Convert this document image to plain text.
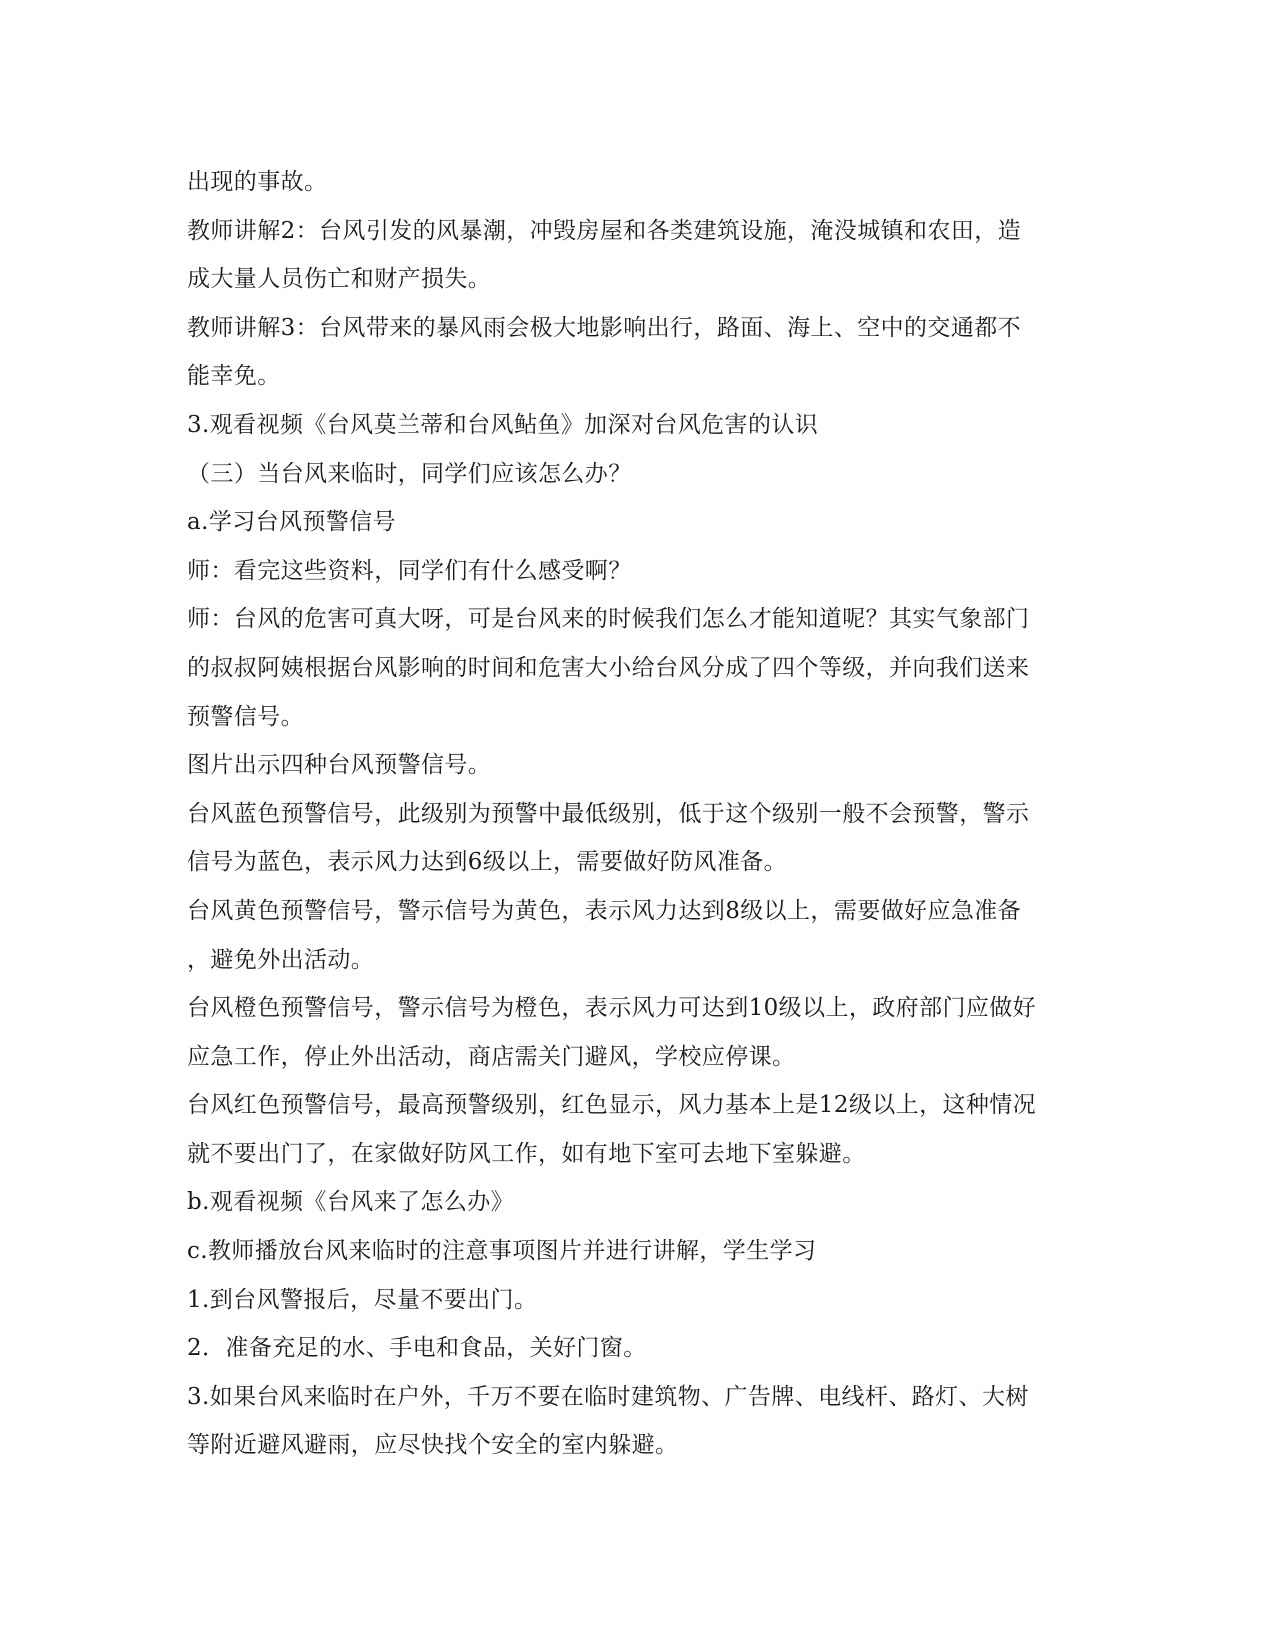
出现的事故。
教师讲解2：台风引发的风暴潮，冲毁房屋和各类建筑设施，淹没城镇和农田，造
成大量人员伤亡和财产损失。
教师讲解3：台风带来的暴风雨会极大地影响出行，路面、海上、空中的交通都不
能幸免。
3.观看视频《台风莫兰蒂和台风鲇鱼》加深对台风危害的认识
（三）当台风来临时，同学们应该怎么办？
a.学习台风预警信号
师：看完这些资料，同学们有什么感受啊？
师：台风的危害可真大呀，可是台风来的时候我们怎么才能知道呢？其实气象部门
的叔叔阿姨根据台风影响的时间和危害大小给台风分成了四个等级，并向我们送来
预警信号。
图片出示四种台风预警信号。
台风蓝色预警信号，此级别为预警中最低级别，低于这个级别一般不会预警，警示
信号为蓝色，表示风力达到6级以上，需要做好防风准备。
台风黄色预警信号，警示信号为黄色，表示风力达到8级以上，需要做好应急准备
，避免外出活动。
台风橙色预警信号，警示信号为橙色，表示风力可达到10级以上，政府部门应做好
应急工作，停止外出活动，商店需关门避风，学校应停课。
台风红色预警信号，最高预警级别，红色显示，风力基本上是12级以上，这种情况
就不要出门了，在家做好防风工作，如有地下室可去地下室躲避。
b.观看视频《台风来了怎么办》
c.教师播放台风来临时的注意事项图片并进行讲解，学生学习
1.到台风警报后，尽量不要出门。
2．准备充足的水、手电和食品，关好门窗。
3.如果台风来临时在户外，千万不要在临时建筑物、广告牌、电线杆、路灯、大树
等附近避风避雨，应尽快找个安全的室内躲避。
